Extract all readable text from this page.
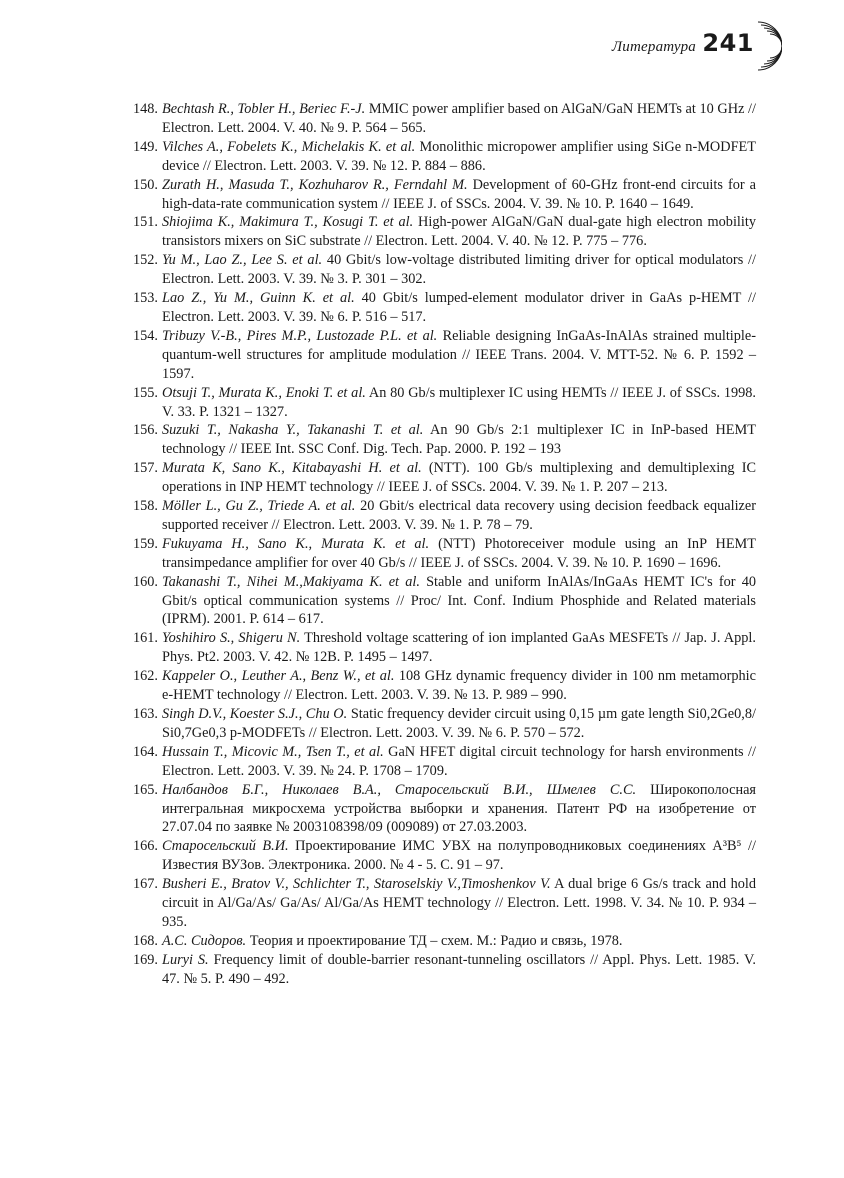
Литература 241
148. Bechtash R., Tobler H., Beriec F.-J. MMIC power amplifier based on AlGaN/GaN HEMTs at 10 GHz // Electron. Lett. 2004. V. 40. № 9. P. 564 – 565.
149. Vilches A., Fobelets K., Michelakis K. et al. Monolithic micropower amplifier using SiGe n-MODFET device // Electron. Lett. 2003. V. 39. № 12. P. 884 – 886.
150. Zurath H., Masuda T., Kozhuharov R., Ferndahl M. Development of 60-GHz front-end circuits for a high-data-rate communication system // IEEE J. of SSCs. 2004. V. 39. № 10. P. 1640 – 1649.
151. Shiojima K., Makimura T., Kosugi T. et al. High-power AlGaN/GaN dual-gate high electron mobility transistors mixers on SiC substrate // Electron. Lett. 2004. V. 40. № 12. P. 775 – 776.
152. Yu M., Lao Z., Lee S. et al. 40 Gbit/s low-voltage distributed limiting driver for optical modulators // Electron. Lett. 2003. V. 39. № 3. P. 301 – 302.
153. Lao Z., Yu M., Guinn K. et al. 40 Gbit/s lumped-element modulator driver in GaAs p-HEMT // Electron. Lett. 2003. V. 39. № 6. P. 516 – 517.
154. Tribuzy V.-B., Pires M.P., Lustozade P.L. et al. Reliable designing InGaAs-InAlAs strained multiple-quantum-well structures for amplitude modulation // IEEE Trans. 2004. V. MTT-52. № 6. P. 1592 – 1597.
155. Otsuji T., Murata K., Enoki T. et al. An 80 Gb/s multiplexer IC using HEMTs // IEEE J. of SSCs. 1998. V. 33. P. 1321 – 1327.
156. Suzuki T., Nakasha Y., Takanashi T. et al. An 90 Gb/s 2:1 multiplexer IC in InP-based HEMT technology // IEEE Int. SSC Conf. Dig. Tech. Pap. 2000. P. 192 – 193
157. Murata K, Sano K., Kitabayashi H. et al. (NTT). 100 Gb/s multiplexing and demultiplexing IC operations in INP HEMT technology // IEEE J. of SSCs. 2004. V. 39. № 1. P. 207 – 213.
158. Möller L., Gu Z., Triede A. et al. 20 Gbit/s electrical data recovery using decision feedback equalizer supported receiver // Electron. Lett. 2003. V. 39. № 1. P. 78 – 79.
159. Fukuyama H., Sano K., Murata K. et al. (NTT) Photoreceiver module using an InP HEMT transimpedance amplifier for over 40 Gb/s // IEEE J. of SSCs. 2004. V. 39. № 10. P. 1690 – 1696.
160. Takanashi T., Nihei M.,Makiyama K. et al. Stable and uniform InAlAs/InGaAs HEMT IC's for 40 Gbit/s optical communication systems // Proc/ Int. Conf. Indium Phosphide and Related materials (IPRM). 2001. P. 614 – 617.
161. Yoshihiro S., Shigeru N. Threshold voltage scattering of ion implanted GaAs MESFETs // Jap. J. Appl. Phys. Pt2. 2003. V. 42. № 12B. P. 1495 – 1497.
162. Kappeler O., Leuther A., Benz W., et al. 108 GHz dynamic frequency divider in 100 nm metamorphic e-HEMT technology // Electron. Lett. 2003. V. 39. № 13. P. 989 – 990.
163. Singh D.V., Koester S.J., Chu O. Static frequency devider circuit using 0,15 µm gate length Si0,2Ge0,8/ Si0,7Ge0,3 p-MODFETs // Electron. Lett. 2003. V. 39. № 6. P. 570 – 572.
164. Hussain T., Micovic M., Tsen T., et al. GaN HFET digital circuit technology for harsh environments // Electron. Lett. 2003. V. 39. № 24. P. 1708 – 1709.
165. Налбандов Б.Г., Николаев В.А., Старосельский В.И., Шмелев С.С. Широкополосная интегральная микросхема устройства выборки и хранения. Патент РФ на изобретение от 27.07.04 по заявке № 2003108398/09 (009089) от 27.03.2003.
166. Старосельский В.И. Проектирование ИМС УВХ на полупроводниковых соединениях A³B⁵ // Известия ВУЗов. Электроника. 2000. № 4 - 5. С. 91 – 97.
167. Busheri E., Bratov V., Schlichter T., Staroselskiy V.,Timoshenkov V. A dual brige 6 Gs/s track and hold circuit in Al/Ga/As/ Ga/As/ Al/Ga/As HEMT technology // Electron. Lett. 1998. V. 34. № 10. P. 934 – 935.
168. А.С. Сидоров. Теория и проектирование ТД – схем. М.: Радио и связь, 1978.
169. Luryi S. Frequency limit of double-barrier resonant-tunneling oscillators // Appl. Phys. Lett. 1985. V. 47. № 5. P. 490 – 492.
